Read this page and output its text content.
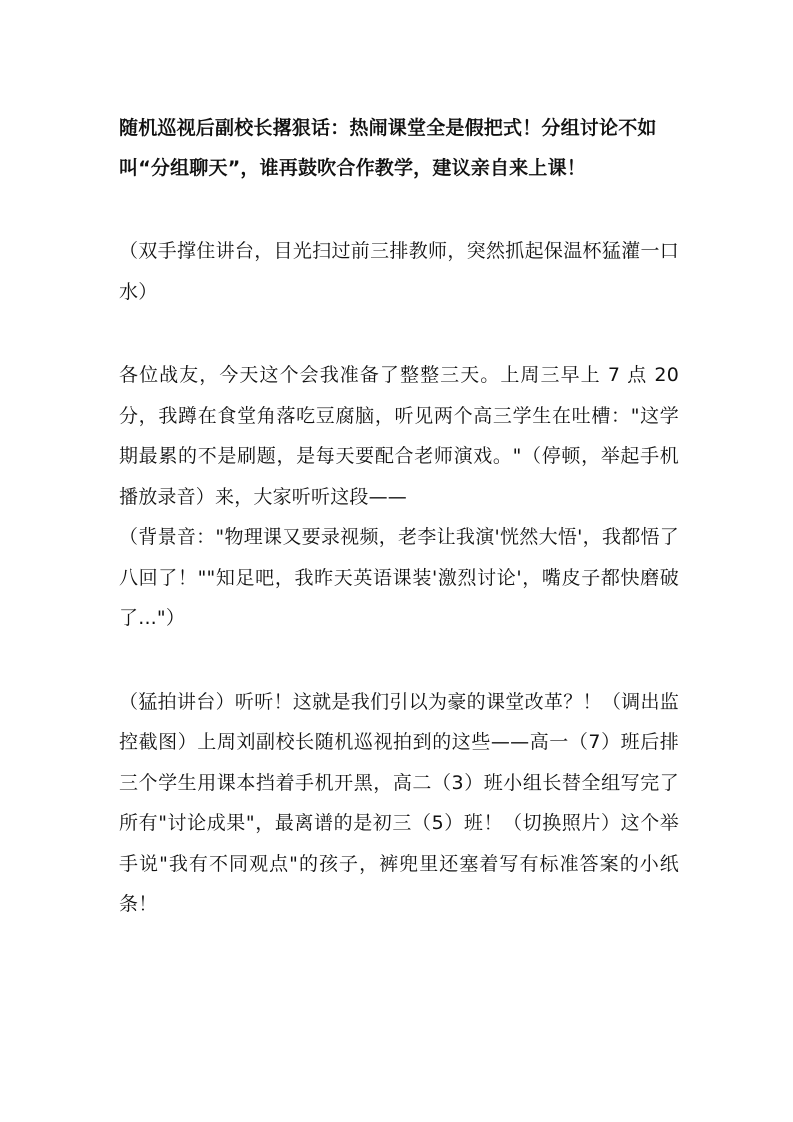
随机巡视后副校长撂狠话：热闹课堂全是假把式！分组讨论不如叫“分组聊天”，谁再鼓吹合作教学，建议亲自来上课！

（双手撑住讲台，目光扫过前三排教师，突然抓起保温杯猛灌一口水）

各位战友，今天这个会我准备了整整三天。上周三早上 7 点 20 分，我蹲在食堂角落吃豆腐脑，听见两个高三学生在吐槽："这学期最累的不是刷题，是每天要配合老师演戏。"（停顿，举起手机播放录音）来，大家听听这段——

（背景音："物理课又要录视频，老李让我演'恍然大悟'，我都悟了八回了！""知足吧，我昨天英语课装'激烈讨论'，嘴皮子都快磨破了..."）

（猛拍讲台）听听！这就是我们引以为豪的课堂改革？！（调出监控截图）上周刘副校长随机巡视拍到的这些——高一（7）班后排三个学生用课本挡着手机开黑，高二（3）班小组长替全组写完了所有"讨论成果"，最离谱的是初三（5）班！（切换照片）这个举手说"我有不同观点"的孩子，裤兜里还塞着写有标准答案的小纸条！
